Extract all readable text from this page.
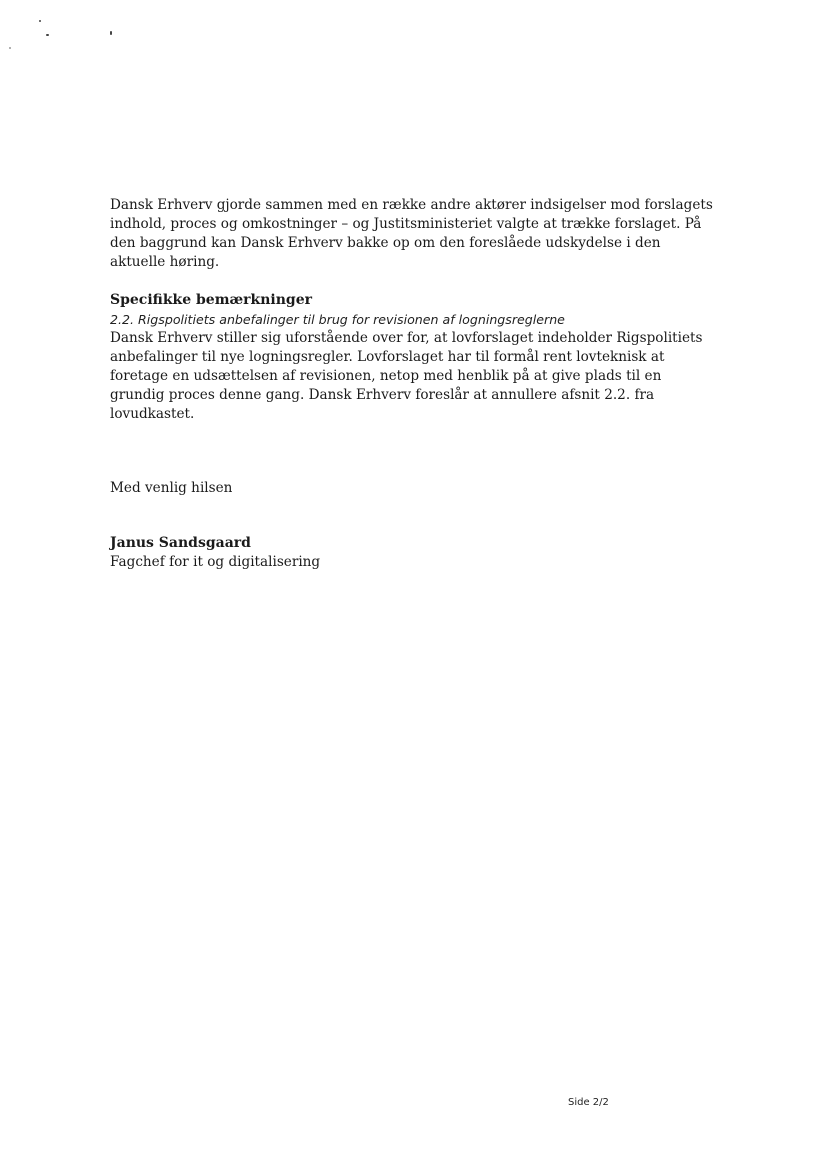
Dansk Erhverv gjorde sammen med en række andre aktører indsigelser mod forslagets indhold, proces og omkostninger – og Justitsministeriet valgte at trække forslaget. På den baggrund kan Dansk Erhverv bakke op om den foreslåede udskydelse i den aktuelle høring.

Specifikke bemærkninger

2.2. Rigspolitiets anbefalinger til brug for revisionen af logningsreglerne

Dansk Erhverv stiller sig uforstående over for, at lovforslaget indeholder Rigspolitiets anbefalinger til nye logningsregler. Lovforslaget har til formål rent lovteknisk at foretage en udsættelsen af revisionen, netop med henblik på at give plads til en grundig proces denne gang. Dansk Erhverv foreslår at annullere afsnit 2.2. fra lovudkastet.

Med venlig hilsen

Janus Sandsgaard

Fagchef for it og digitalisering

Side 2/2
